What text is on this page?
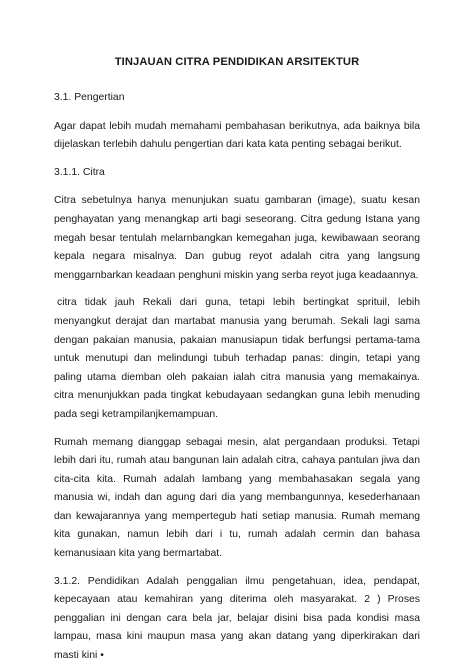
TINJAUAN CITRA PENDIDIKAN ARSITEKTUR

3.1. Pengertian

Agar dapat lebih mudah memahami pembahasan berikutnya, ada baiknya bila dijelaskan terlebih dahulu pengertian dari kata kata penting sebagai berikut.

3.1.1. Citra

Citra sebetulnya hanya menunjukan suatu gambaran (image), suatu kesan penghayatan yang menangkap arti bagi seseorang. Citra gedung Istana yang megah besar tentulah melarnbangkan kemegahan juga, kewibawaan seorang kepala negara misalnya. Dan gubug reyot adalah citra yang langsung menggarnbarkan keadaan penghuni miskin yang serba reyot juga keadaannya.

citra tidak jauh Rekali dari guna, tetapi lebih bertingkat sprituil, lebih menyangkut derajat dan martabat manusia yang berumah. Sekali lagi sama dengan pakaian manusia, pakaian manusiapun tidak berfungsi pertama-tama untuk menutupi dan melindungi tubuh terhadap panas: dingin, tetapi yang paling utama diemban oleh pakaian ialah citra manusia yang memakainya. citra menunjukkan pada tingkat kebudayaan sedangkan guna lebih menuding pada segi ketrampilanjkemampuan.

Rumah memang dianggap sebagai mesin, alat pergandaan produksi. Tetapi lebih dari itu, rumah atau bangunan lain adalah citra, cahaya pantulan jiwa dan cita-cita kita. Rumah adalah lambang yang membahasakan segala yang manusia wi, indah dan agung dari dia yang membangunnya, kesederhanaan dan kewajarannya yang mempertegub hati setiap manusia. Rumah memang kita gunakan, namun lebih dari i tu, rumah adalah cermin dan bahasa kemanusiaan kita yang bermartabat.

3.1.2. Pendidikan Adalah penggalian ilmu pengetahuan, idea, pendapat, kepecayaan atau kemahiran yang diterima oleh masyarakat. 2 ) Proses penggalian ini dengan cara bela jar, belajar disini bisa pada kondisi masa lampau, masa kini maupun masa yang akan datang yang diperkirakan dari masti kini •
